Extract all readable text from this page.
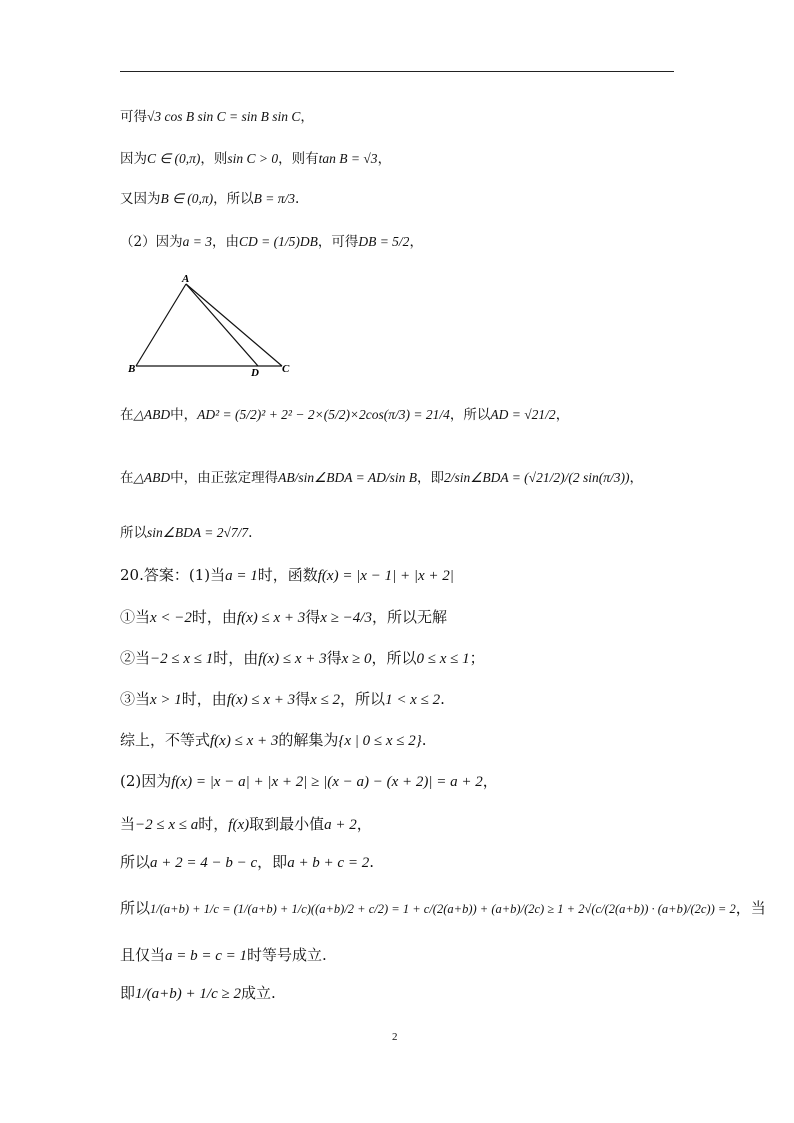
可得√3 cos B sin C = sin B sin C，
因为C ∈ (0,π)，则sin C > 0，则有tan B = √3，
又因为B ∈ (0,π)，所以B = π/3.
（2）因为a = 3，由CD = (1/5)DB，可得DB = 5/2，
A
B	D C
在△ABD中，AD² = (5/2)² + 2² − 2×(5/2)×2cos(π/3) = 21/4，所以AD = √21/2，
在△ABD中，由正弦定理得AB/sin∠BDA = AD/sin B，即2/sin∠BDA = (√21/2)/(2 sin(π/3))，
所以sin∠BDA = 2√7/7.
20.答案：(1)当a = 1时，函数f(x) = |x − 1| + |x + 2|
①当x < −2时，由f(x) ≤ x + 3得x ≥ −4/3，所以无解
②当−2 ≤ x ≤ 1时，由f(x) ≤ x + 3得x ≥ 0，所以0 ≤ x ≤ 1；
③当x > 1时，由f(x) ≤ x + 3得x ≤ 2，所以1 < x ≤ 2.
综上，不等式f(x) ≤ x + 3的解集为{x | 0 ≤ x ≤ 2}.
(2)因为f(x) = |x − a| + |x + 2| ≥ |(x − a) − (x + 2)| = a + 2，
当−2 ≤ x ≤ a时，f(x)取到最小值a + 2，
所以a + 2 = 4 − b − c，即a + b + c = 2.
所以1/(a+b) + 1/c = (1/(a+b) + 1/c)((a+b)/2 + c/2) = 1 + c/(2(a+b)) + (a+b)/(2c) ≥ 1 + 2√(c/(2(a+b)) · (a+b)/(2c)) = 2，当
且仅当a = b = c = 1时等号成立.
即1/(a+b) + 1/c ≥ 2成立.
2
